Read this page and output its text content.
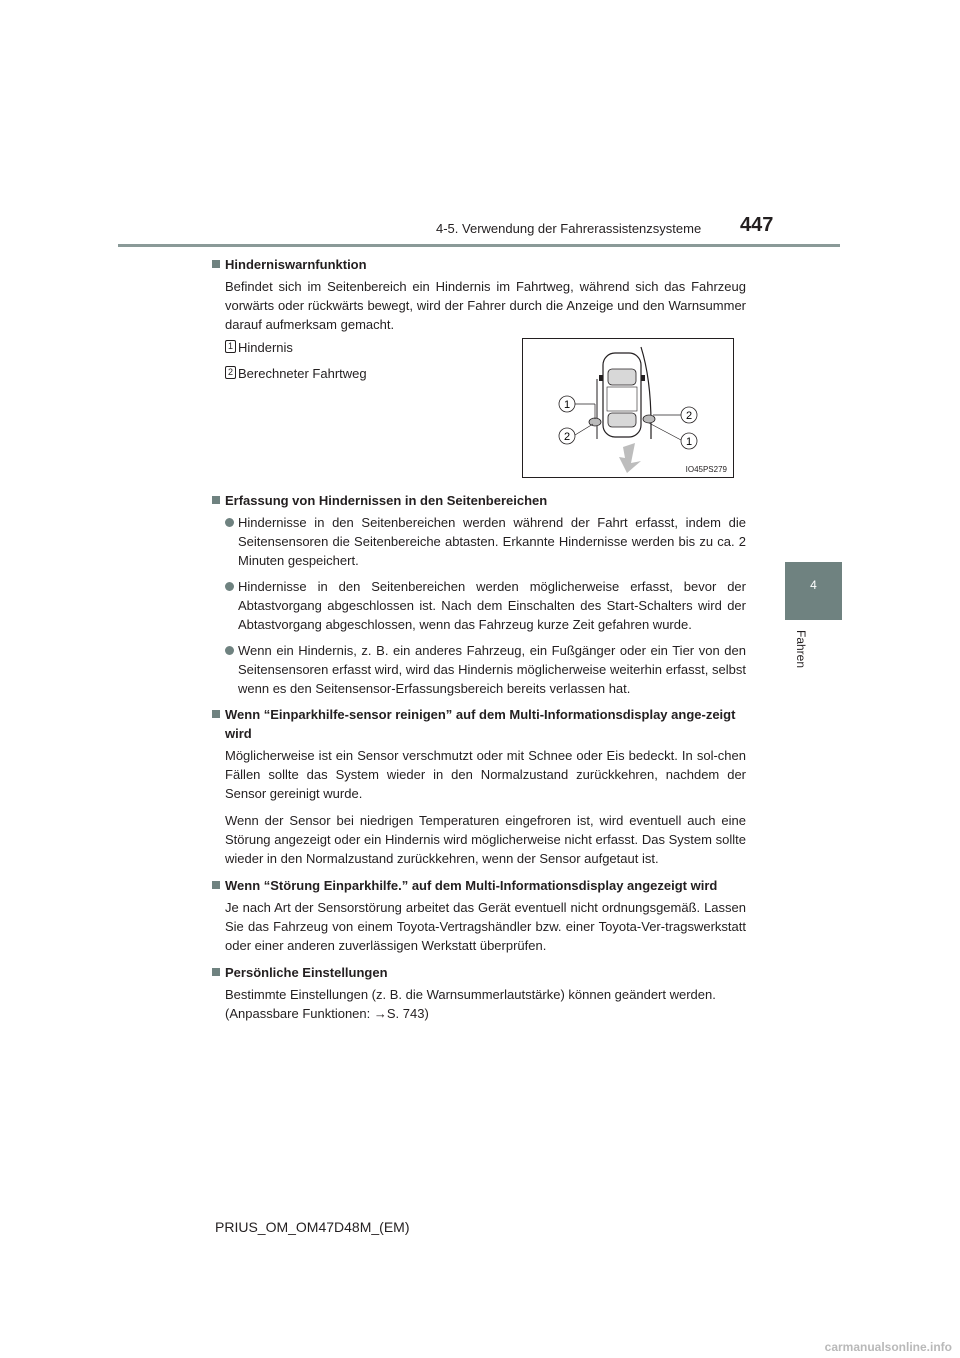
4-5. Verwendung der Fahrerassistenzsysteme 447
4
Fahren
Hinderniswarnfunktion
Befindet sich im Seitenbereich ein Hindernis im Fahrtweg, während sich das Fahrzeug vorwärts oder rückwärts bewegt, wird der Fahrer durch die Anzeige und den Warnsummer darauf aufmerksam gemacht.
1 Hindernis
2 Berechneter Fahrtweg
Erfassung von Hindernissen in den Seitenbereichen
Hindernisse in den Seitenbereichen werden während der Fahrt erfasst, indem die Seitensensoren die Seitenbereiche abtasten. Erkannte Hindernisse werden bis zu ca. 2 Minuten gespeichert.
Hindernisse in den Seitenbereichen werden möglicherweise erfasst, bevor der Abtastvorgang abgeschlossen ist. Nach dem Einschalten des Start-Schalters wird der Abtastvorgang abgeschlossen, wenn das Fahrzeug kurze Zeit gefahren wurde.
Wenn ein Hindernis, z. B. ein anderes Fahrzeug, ein Fußgänger oder ein Tier von den Seitensensoren erfasst wird, wird das Hindernis möglicherweise weiterhin erfasst, selbst wenn es den Seitensensor-Erfassungsbereich bereits verlassen hat.
Wenn “Einparkhilfe-sensor reinigen” auf dem Multi-Informationsdisplay ange-zeigt wird
Möglicherweise ist ein Sensor verschmutzt oder mit Schnee oder Eis bedeckt. In sol-chen Fällen sollte das System wieder in den Normalzustand zurückkehren, nachdem der Sensor gereinigt wurde.
Wenn der Sensor bei niedrigen Temperaturen eingefroren ist, wird eventuell auch eine Störung angezeigt oder ein Hindernis wird möglicherweise nicht erfasst. Das System sollte wieder in den Normalzustand zurückkehren, wenn der Sensor aufgetaut ist.
Wenn “Störung Einparkhilfe.” auf dem Multi-Informationsdisplay angezeigt wird
Je nach Art der Sensorstörung arbeitet das Gerät eventuell nicht ordnungsgemäß. Lassen Sie das Fahrzeug von einem Toyota-Vertragshändler bzw. einer Toyota-Ver-tragswerkstatt oder einer anderen zuverlässigen Werkstatt überprüfen.
Persönliche Einstellungen
Bestimmte Einstellungen (z. B. die Warnsummerlautstärke) können geändert werden.
(Anpassbare Funktionen: →S. 743)
1
2
2
1
IO45PS279
PRIUS_OM_OM47D48M_(EM)
carmanualsonline.info
